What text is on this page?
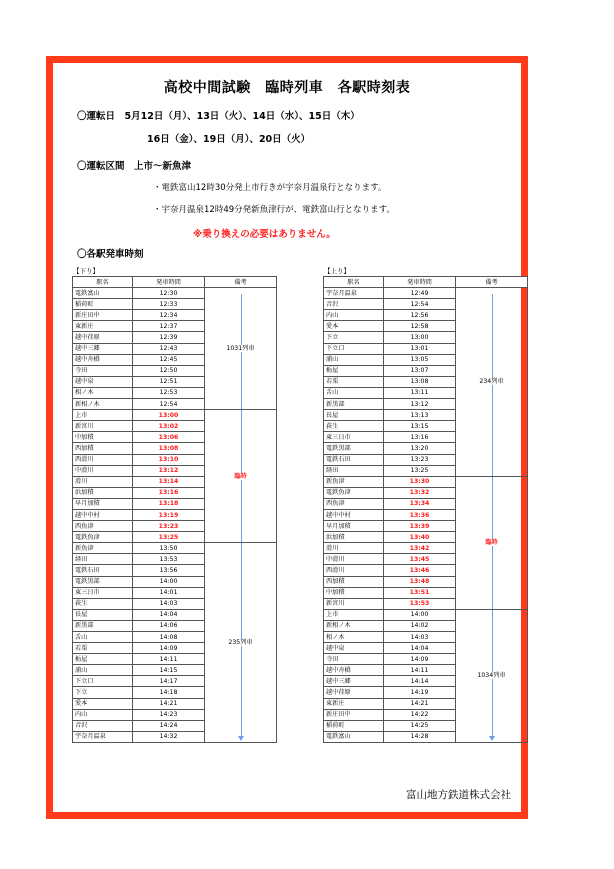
高校中間試験　臨時列車　各駅時刻表
〇運転日　5月12日（月）、13日（火）、14日（水）、15日（木）
16日（金）、19日（月）、20日（火）
〇運転区間　上市～新魚津
・電鉄富山12時30分発上市行きが宇奈月温泉行となります。
・宇奈月温泉12時49分発新魚津行が、電鉄富山行となります。
※乗り換えの必要はありません。
〇各駅発車時刻
【下り】	【上り】
駅名	発車時間	備考
電鉄富山	12:30	1031列車
稲荷町	12:33	
新庄田中	12:34	
東新庄	12:37	
越中荏原	12:39	
越中三郷	12:43	
越中舟橋	12:45	
寺田	12:50	
越中泉	12:51	
相ノ木	12:53	
新相ノ木	12:54	
上市	13:00	臨時
新宮川	13:02	
中加積	13:06	
西加積	13:08	
西滑川	13:10	
中滑川	13:12	
滑川	13:14	
浜加積	13:16	
早月加積	13:18	
越中中村	13:19	
西魚津	13:23	
電鉄魚津	13:25	
新魚津	13:50	235列車
経田	13:53	
電鉄石田	13:56	
電鉄黒部	14:00	
東三日市	14:01	
荻生	14:03	
長屋	14:04	
新黒部	14:06	
舌山	14:08	
若栗	14:09	
栃屋	14:11	
浦山	14:15	
下立口	14:17	
下立	14:18	
愛本	14:21	
内山	14:23	
音沢	14:24	
宇奈月温泉	14:32	
駅名	発車時間	備考
宇奈月温泉	12:49	234列車
音沢	12:54	
内山	12:56	
愛本	12:58	
下立	13:00	
下立口	13:01	
浦山	13:05	
栃屋	13:07	
若栗	13:08	
舌山	13:11	
新黒部	13:12	
長屋	13:13	
荻生	13:15	
東三日市	13:16	
電鉄黒部	13:20	
電鉄石田	13:23	
経田	13:25	
新魚津	13:30	臨時
電鉄魚津	13:32	
西魚津	13:34	
越中中村	13:36	
早月加積	13:39	
浜加積	13:40	
滑川	13:42	
中滑川	13:45	
西滑川	13:46	
西加積	13:48	
中加積	13:51	
新宮川	13:53	
上市	14:00	1034列車
新相ノ木	14:02	
相ノ木	14:03	
越中泉	14:04	
寺田	14:09	
越中舟橋	14:11	
越中三郷	14:14	
越中荏原	14:19	
東新庄	14:21	
新庄田中	14:22	
稲荷町	14:25	
電鉄富山	14:28	
富山地方鉄道株式会社
